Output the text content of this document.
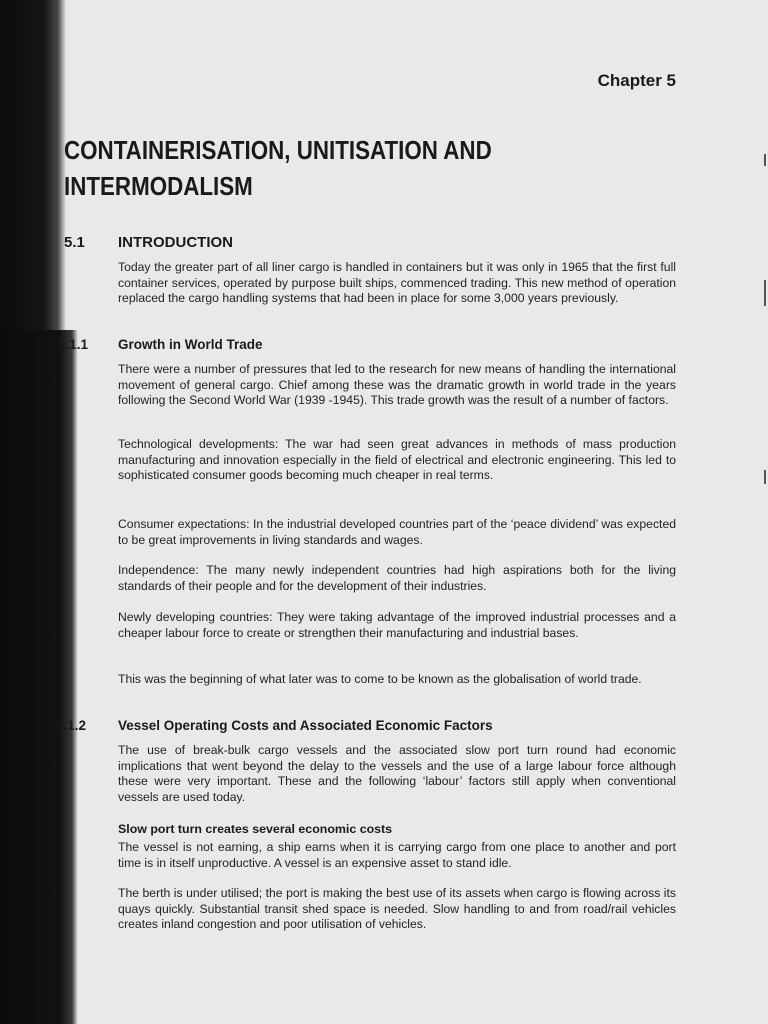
Chapter 5
CONTAINERISATION, UNITISATION AND INTERMODALISM
5.1 INTRODUCTION
Today the greater part of all liner cargo is handled in containers but it was only in 1965 that the first full container services, operated by purpose built ships, commenced trading. This new method of operation replaced the cargo handling systems that had been in place for some 3,000 years previously.
5.1.1 Growth in World Trade
There were a number of pressures that led to the research for new means of handling the international movement of general cargo. Chief among these was the dramatic growth in world trade in the years following the Second World War (1939 -1945). This trade growth was the result of a number of factors.
Technological developments: The war had seen great advances in methods of mass production manufacturing and innovation especially in the field of electrical and electronic engineering. This led to sophisticated consumer goods becoming much cheaper in real terms.
Consumer expectations: In the industrial developed countries part of the ‘peace dividend’ was expected to be great improvements in living standards and wages.
Independence: The many newly independent countries had high aspirations both for the living standards of their people and for the development of their industries.
Newly developing countries: They were taking advantage of the improved industrial processes and a cheaper labour force to create or strengthen their manufacturing and industrial bases.
This was the beginning of what later was to come to be known as the globalisation of world trade.
5.1.2 Vessel Operating Costs and Associated Economic Factors
The use of break-bulk cargo vessels and the associated slow port turn round had economic implications that went beyond the delay to the vessels and the use of a large labour force although these were very important. These and the following ‘labour’ factors still apply when conventional vessels are used today.
Slow port turn creates several economic costs
The vessel is not earning, a ship earns when it is carrying cargo from one place to another and port time is in itself unproductive. A vessel is an expensive asset to stand idle.
The berth is under utilised; the port is making the best use of its assets when cargo is flowing across its quays quickly. Substantial transit shed space is needed. Slow handling to and from road/rail vehicles creates inland congestion and poor utilisation of vehicles.
